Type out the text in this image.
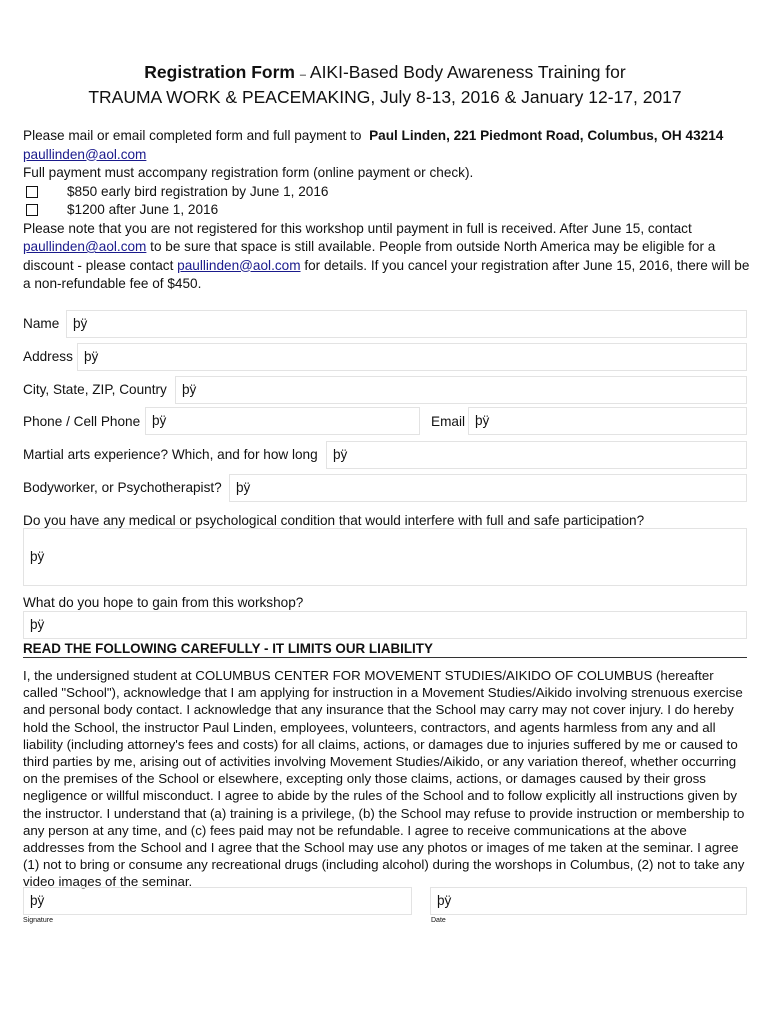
Registration Form – AIKI-Based Body Awareness Training for
TRAUMA WORK & PEACEMAKING, July 8-13, 2016 & January 12-17, 2017

Please mail or email completed form and full payment to Paul Linden, 221 Piedmont Road, Columbus, OH 43214

paullinden@aol.com

Full payment must accompany registration form (online payment or check).

$850 early bird registration by June 1, 2016

$1200 after June 1, 2016

Please note that you are not registered for this workshop until payment in full is received. After June 15, contact paullinden@aol.com to be sure that space is still available. People from outside North America may be eligible for a discount - please contact paullinden@aol.com for details. If you cancel your registration after June 15, 2016, there will be a non-refundable fee of $450.

Name	þÿ
Address þÿ
City, State, ZIP, Country	þÿ
Phone / Cell Phone þÿ	Email þÿ
Martial arts experience? Which, and for how long	þÿ
Bodyworker, or Psychotherapist?	þÿ
Do you have any medical or psychological condition that would interfere with full and safe participation?
þÿ
What do you hope to gain from this workshop?
þÿ
READ THE FOLLOWING CAREFULLY - IT LIMITS OUR LIABILITY

I, the undersigned student at COLUMBUS CENTER FOR MOVEMENT STUDIES/AIKIDO OF COLUMBUS (hereafter called "School"), acknowledge that I am applying for instruction in a Movement Studies/Aikido involving strenuous exercise and personal body contact. I acknowledge that any insurance that the School may carry may not cover injury. I do hereby hold the School, the instructor Paul Linden, employees, volunteers, contractors, and agents harmless from any and all liability (including attorney's fees and costs) for all claims, actions, or damages due to injuries suffered by me or caused to third parties by me, arising out of activities involving Movement Studies/Aikido, or any variation thereof, whether occurring on the premises of the School or elsewhere, excepting only those claims, actions, or damages caused by their gross negligence or willful misconduct. I agree to abide by the rules of the School and to follow explicitly all instructions given by the instructor. I understand that (a) training is a privilege, (b) the School may refuse to provide instruction or membership to any person at any time, and (c) fees paid may not be refundable. I agree to receive communications at the above addresses from the School and I agree that the School may use any photos or images of me taken at the seminar. I agree (1) not to bring or consume any recreational drugs (including alcohol) during the worshops in Columbus, (2) not to take any video images of the seminar.

þÿ
Signature
þÿ
Date
